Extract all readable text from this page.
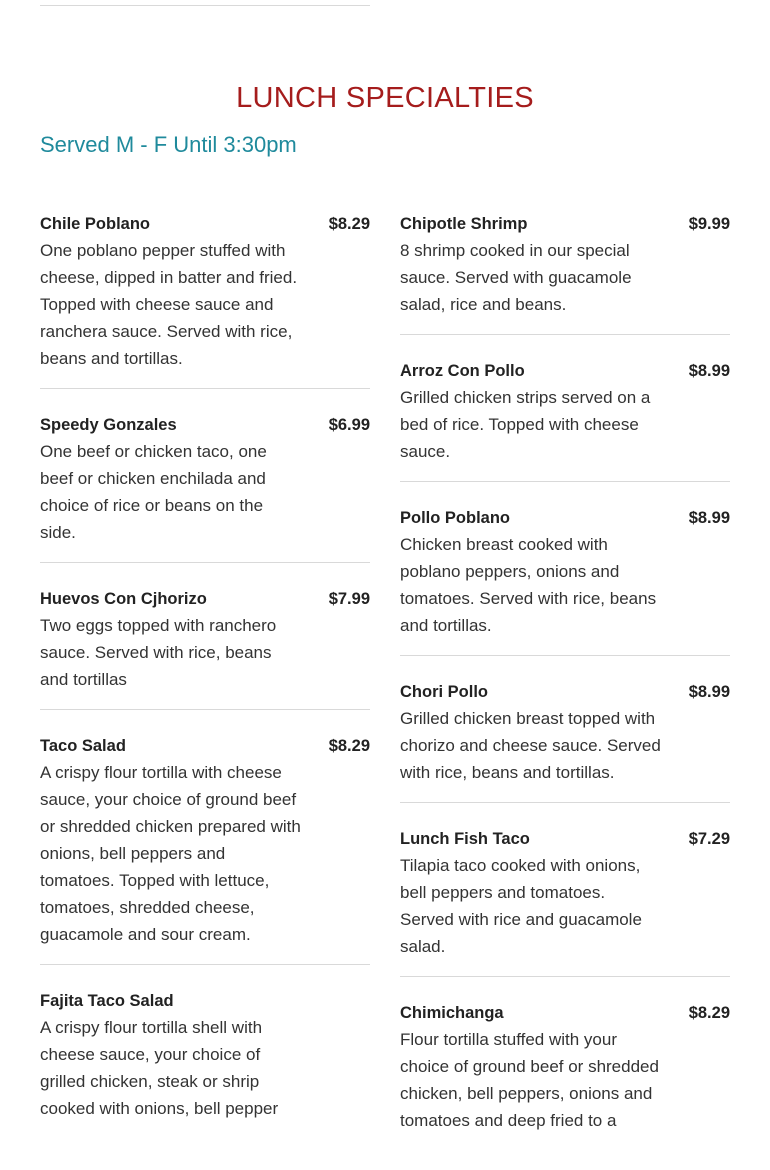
LUNCH SPECIALTIES
Served M - F Until 3:30pm
Chile Poblano	$8.29
One poblano pepper stuffed with cheese, dipped in batter and fried. Topped with cheese sauce and ranchera sauce. Served with rice, beans and tortillas.
Speedy Gonzales	$6.99
One beef or chicken taco, one beef or chicken enchilada and choice of rice or beans on the side.
Huevos Con Cjhorizo	$7.99
Two eggs topped with ranchero sauce. Served with rice, beans and tortillas
Taco Salad	$8.29
A crispy flour tortilla with cheese sauce, your choice of ground beef or shredded chicken prepared with onions, bell peppers and tomatoes. Topped with lettuce, tomatoes, shredded cheese, guacamole and sour cream.
Fajita Taco Salad
A crispy flour tortilla shell with cheese sauce, your choice of grilled chicken, steak or shrip cooked with onions, bell pepper
Chipotle Shrimp	$9.99
8 shrimp cooked in our special sauce. Served with guacamole salad, rice and beans.
Arroz Con Pollo	$8.99
Grilled chicken strips served on a bed of rice. Topped with cheese sauce.
Pollo Poblano	$8.99
Chicken breast cooked with poblano peppers, onions and tomatoes. Served with rice, beans and tortillas.
Chori Pollo	$8.99
Grilled chicken breast topped with chorizo and cheese sauce. Served with rice, beans and tortillas.
Lunch Fish Taco	$7.29
Tilapia taco cooked with onions, bell peppers and tomatoes. Served with rice and guacamole salad.
Chimichanga	$8.29
Flour tortilla stuffed with your choice of ground beef or shredded chicken, bell peppers, onions and tomatoes and deep fried to a
